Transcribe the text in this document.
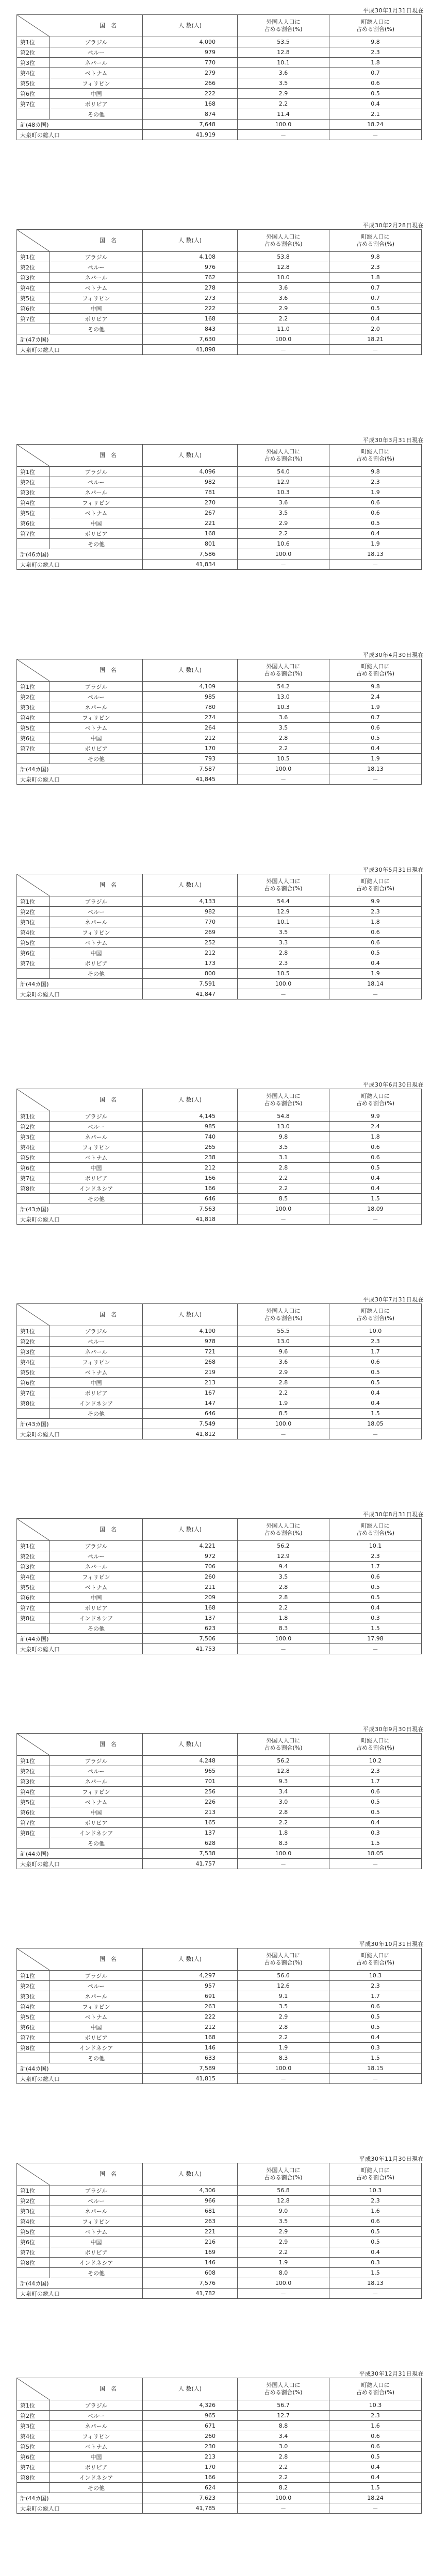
平成30年1月31日現在
国　名		人 数(人)	外国人人口に
占める割合(%)	町総人口に
占める割合(%)
第1位	ブラジル	4,090	53.5	9.8
第2位	ペルー	979	12.8	2.3
第3位	ネパール	770	10.1	1.8
第4位	ベトナム	279	3.6	0.7
第5位	フィリピン	266	3.5	0.6
第6位	中国	222	2.9	0.5
第7位	ボリビア	168	2.2	0.4
	その他	874	11.4	2.1
計(48カ国)		7,648	100.0	18.24
大泉町の総人口		41,919	－	－
平成30年2月28日現在
国　名		人 数(人)	外国人人口に
占める割合(%)	町総人口に
占める割合(%)
第1位	ブラジル	4,108	53.8	9.8
第2位	ペルー	976	12.8	2.3
第3位	ネパール	762	10.0	1.8
第4位	ベトナム	278	3.6	0.7
第5位	フィリピン	273	3.6	0.7
第6位	中国	222	2.9	0.5
第7位	ボリビア	168	2.2	0.4
	その他	843	11.0	2.0
計(47カ国)		7,630	100.0	18.21
大泉町の総人口		41,898	－	－
平成30年3月31日現在
国　名		人 数(人)	外国人人口に
占める割合(%)	町総人口に
占める割合(%)
第1位	ブラジル	4,096	54.0	9.8
第2位	ペルー	982	12.9	2.3
第3位	ネパール	781	10.3	1.9
第4位	フィリピン	270	3.6	0.6
第5位	ベトナム	267	3.5	0.6
第6位	中国	221	2.9	0.5
第7位	ボリビア	168	2.2	0.4
	その他	801	10.6	1.9
計(46カ国)		7,586	100.0	18.13
大泉町の総人口		41,834	－	－
平成30年4月30日現在
国　名		人 数(人)	外国人人口に
占める割合(%)	町総人口に
占める割合(%)
第1位	ブラジル	4,109	54.2	9.8
第2位	ペルー	985	13.0	2.4
第3位	ネパール	780	10.3	1.9
第4位	フィリピン	274	3.6	0.7
第5位	ベトナム	264	3.5	0.6
第6位	中国	212	2.8	0.5
第7位	ボリビア	170	2.2	0.4
	その他	793	10.5	1.9
計(44カ国)		7,587	100.0	18.13
大泉町の総人口		41,845	－	－
平成30年5月31日現在
国　名		人 数(人)	外国人人口に
占める割合(%)	町総人口に
占める割合(%)
第1位	ブラジル	4,133	54.4	9.9
第2位	ペルー	982	12.9	2.3
第3位	ネパール	770	10.1	1.8
第4位	フィリピン	269	3.5	0.6
第5位	ベトナム	252	3.3	0.6
第6位	中国	212	2.8	0.5
第7位	ボリビア	173	2.3	0.4
	その他	800	10.5	1.9
計(44カ国)		7,591	100.0	18.14
大泉町の総人口		41,847	－	－
平成30年6月30日現在
国　名		人 数(人)	外国人人口に
占める割合(%)	町総人口に
占める割合(%)
第1位	ブラジル	4,145	54.8	9.9
第2位	ペルー	985	13.0	2.4
第3位	ネパール	740	9.8	1.8
第4位	フィリピン	265	3.5	0.6
第5位	ベトナム	238	3.1	0.6
第6位	中国	212	2.8	0.5
第7位	ボリビア	166	2.2	0.4
第8位	インドネシア	166	2.2	0.4
	その他	646	8.5	1.5
計(43カ国)		7,563	100.0	18.09
大泉町の総人口		41,818	－	－
平成30年7月31日現在
国　名		人 数(人)	外国人人口に
占める割合(%)	町総人口に
占める割合(%)
第1位	ブラジル	4,190	55.5	10.0
第2位	ペルー	978	13.0	2.3
第3位	ネパール	721	9.6	1.7
第4位	フィリピン	268	3.6	0.6
第5位	ベトナム	219	2.9	0.5
第6位	中国	213	2.8	0.5
第7位	ボリビア	167	2.2	0.4
第8位	インドネシア	147	1.9	0.4
	その他	646	8.5	1.5
計(43カ国)		7,549	100.0	18.05
大泉町の総人口		41,812	－	－
平成30年8月31日現在
国　名		人 数(人)	外国人人口に
占める割合(%)	町総人口に
占める割合(%)
第1位	ブラジル	4,221	56.2	10.1
第2位	ペルー	972	12.9	2.3
第3位	ネパール	706	9.4	1.7
第4位	フィリピン	260	3.5	0.6
第5位	ベトナム	211	2.8	0.5
第6位	中国	209	2.8	0.5
第7位	ボリビア	168	2.2	0.4
第8位	インドネシア	137	1.8	0.3
	その他	623	8.3	1.5
計(44カ国)		7,506	100.0	17.98
大泉町の総人口		41,753	－	－
平成30年9月30日現在
国　名		人 数(人)	外国人人口に
占める割合(%)	町総人口に
占める割合(%)
第1位	ブラジル	4,248	56.2	10.2
第2位	ペルー	965	12.8	2.3
第3位	ネパール	701	9.3	1.7
第4位	フィリピン	256	3.4	0.6
第5位	ベトナム	226	3.0	0.5
第6位	中国	213	2.8	0.5
第7位	ボリビア	165	2.2	0.4
第8位	インドネシア	137	1.8	0.3
	その他	628	8.3	1.5
計(44カ国)		7,538	100.0	18.05
大泉町の総人口		41,757	－	－
平成30年10月31日現在
国　名		人 数(人)	外国人人口に
占める割合(%)	町総人口に
占める割合(%)
第1位	ブラジル	4,297	56.6	10.3
第2位	ペルー	957	12.6	2.3
第3位	ネパール	691	9.1	1.7
第4位	フィリピン	263	3.5	0.6
第5位	ベトナム	222	2.9	0.5
第6位	中国	212	2.8	0.5
第7位	ボリビア	168	2.2	0.4
第8位	インドネシア	146	1.9	0.3
	その他	633	8.3	1.5
計(44カ国)		7,589	100.0	18.15
大泉町の総人口		41,815	－	－
平成30年11月30日現在
国　名		人 数(人)	外国人人口に
占める割合(%)	町総人口に
占める割合(%)
第1位	ブラジル	4,306	56.8	10.3
第2位	ペルー	966	12.8	2.3
第3位	ネパール	681	9.0	1.6
第4位	フィリピン	263	3.5	0.6
第5位	ベトナム	221	2.9	0.5
第6位	中国	216	2.9	0.5
第7位	ボリビア	169	2.2	0.4
第8位	インドネシア	146	1.9	0.3
	その他	608	8.0	1.5
計(44カ国)		7,576	100.0	18.13
大泉町の総人口		41,782	－	－
平成30年12月31日現在
国　名		人 数(人)	外国人人口に
占める割合(%)	町総人口に
占める割合(%)
第1位	ブラジル	4,326	56.7	10.3
第2位	ペルー	965	12.7	2.3
第3位	ネパール	671	8.8	1.6
第4位	フィリピン	260	3.4	0.6
第5位	ベトナム	230	3.0	0.6
第6位	中国	213	2.8	0.5
第7位	ボリビア	170	2.2	0.4
第8位	インドネシア	166	2.2	0.4
	その他	624	8.2	1.5
計(44カ国)		7,623	100.0	18.24
大泉町の総人口		41,785	－	－
